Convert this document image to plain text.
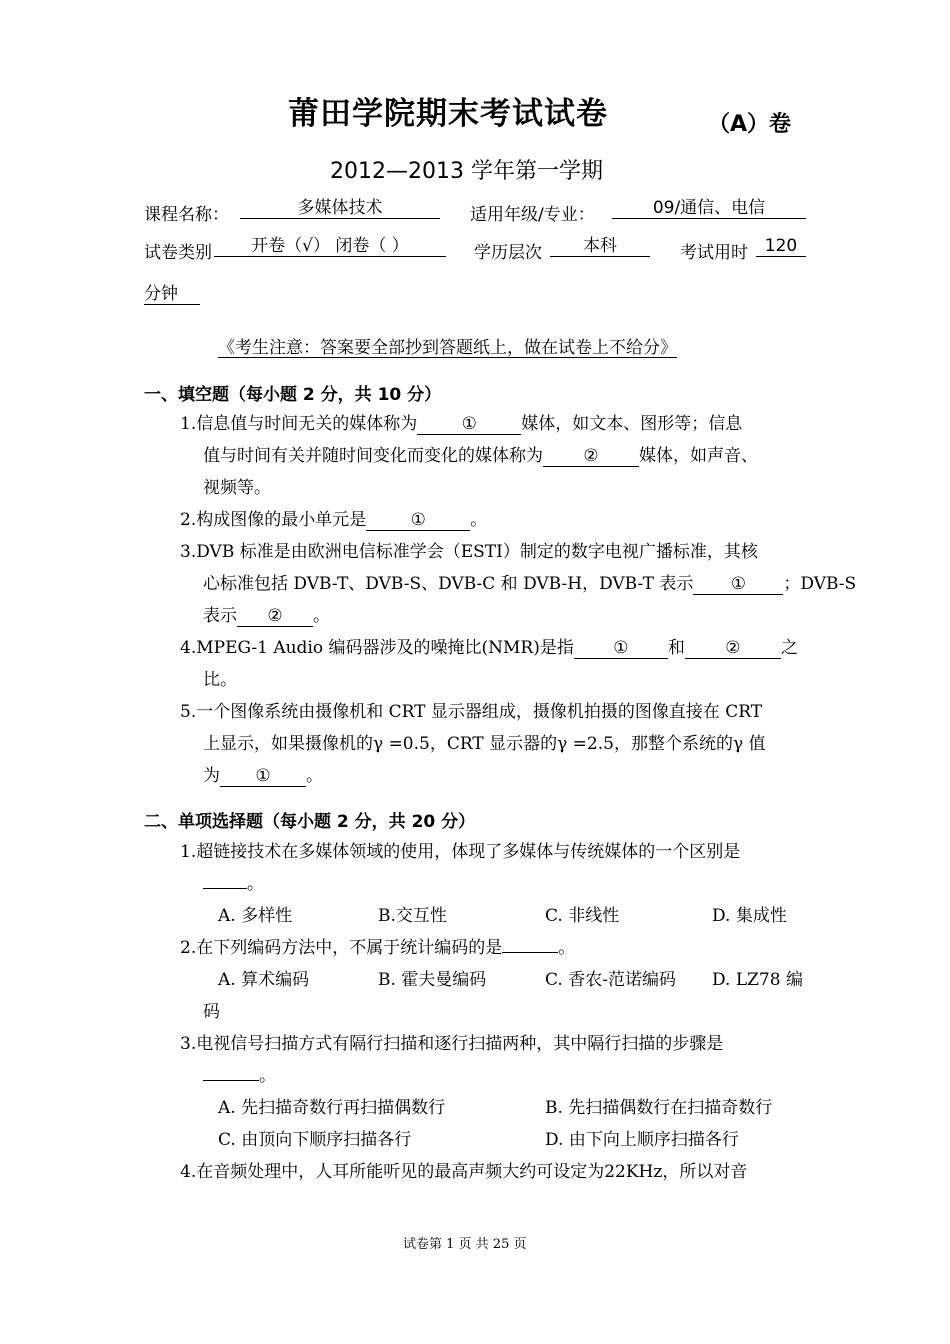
莆田学院期末考试试卷	（A）卷
2012—2013 学年第一学期
课程名称：	多媒体技术	适用年级/专业：	09/通信、电信
试卷类别	开卷（√） 闭卷（ ）	学历层次	本科	考试用时 120
分钟
《考生注意：答案要全部抄到答题纸上，做在试卷上不给分》
一、填空题（每小题 2 分，共 10 分）
1.信息值与时间无关的媒体称为	①	媒体，如文本、图形等；信息
值与时间有关并随时间变化而变化的媒体称为 ② 媒体，如声音、
视频等。
2.构成图像的最小单元是	①	。
3.DVB 标准是由欧洲电信标准学会（ESTI）制定的数字电视广播标准，其核
心标准包括 DVB-T、DVB-S、DVB-C 和 DVB-H，DVB-T 表示 ① ；DVB-S
表示 ② 。
4.MPEG-1 Audio 编码器涉及的噪掩比(NMR)是指 ① 和 ② 之
比。
5.一个图像系统由摄像机和 CRT 显示器组成，摄像机拍摄的图像直接在 CRT
上显示，如果摄像机的γ =0.5，CRT 显示器的γ =2.5，那整个系统的γ 值
为 ① 。
二、单项选择题（每小题 2 分，共 20 分）
1.超链接技术在多媒体领域的使用，体现了多媒体与传统媒体的一个区别是
。
A. 多样性	B.交互性	C. 非线性	D. 集成性
2.在下列编码方法中，不属于统计编码的是	。
A. 算术编码	B. 霍夫曼编码	C. 香农-范诺编码 D. LZ78 编
码
3.电视信号扫描方式有隔行扫描和逐行扫描两种，其中隔行扫描的步骤是
。
A. 先扫描奇数行再扫描偶数行	B. 先扫描偶数行在扫描奇数行
C. 由顶向下顺序扫描各行	D. 由下向上顺序扫描各行
4.在音频处理中，人耳所能听见的最高声频大约可设定为22KHz，所以对音
试卷第 1 页 共 25 页
